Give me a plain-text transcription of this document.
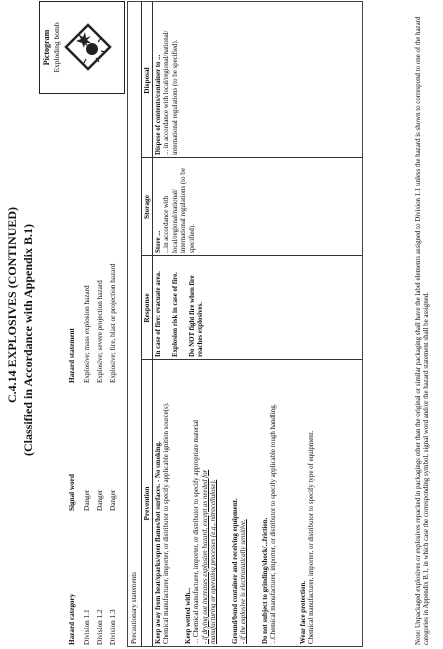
C.4.14 EXPLOSIVES (CONTINUED) (Classified in Accordance with Appendix B.1)
Pictogram Exploding bomb
Hazard category
Signal word
Hazard statement
Division 1.1
Danger
Explosive; mass explosion hazard
Division 1.2
Danger
Explosive; severe projection hazard
Division 1.3
Danger
Explosive; fire, blast or projection hazard
Precautionary statements
Prevention
Response
Storage
Disposal
Keep away from heat/sparks/open flames/hot surfaces. - No smoking.
Chemical manufacturer, importer, or distributor to specify applicable ignition source(s). Keep wetted with...
... Chemical manufacturer, importer, or distributor to specify appropriate material
- if drying out increases explosion hazard, except as needed for
manufacturing or operating processes (e.g., nitrocellulose). Ground/bond container and receiving equipment.
- if the explosive is electrostatically sensitive. Do not subject to grinding/shock/...friction.
...Chemical manufacturer, importer, or distributor to specify applicable rough handling.	Wear face protection.
Chemical manufacturer, importer, or distributor to specify type of equipment.
In case of fire: evacuate area. Explosion risk in case of fire. Do NOT fight fire when fire reaches explosives.
Store ...
...in accordance with local/regional/national/ international regulations (to be specified).
Dispose of contents/container to ...
... in accordance with local/regional/national/ international regulations (to be specified).	Note: Unpackaged explosives or explosives repacked in packagings other than the original or similar packaging shall have the label elements assigned to Division 1.1 unless the hazard is shown to correspond to one of the hazard categories in Appendix B.1, in which case the corresponding symbol, signal word and/or the hazard statement shall be assigned.
